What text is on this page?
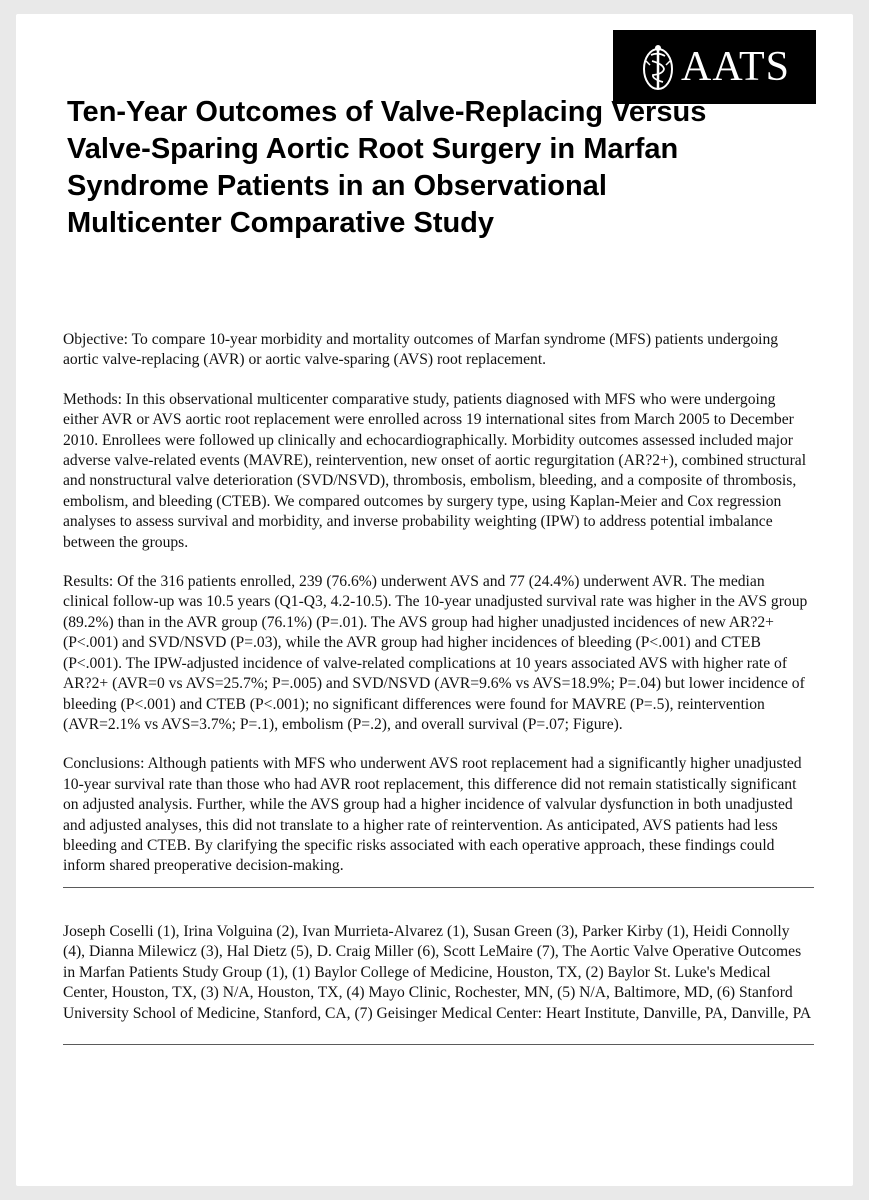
AATS
Ten-Year Outcomes of Valve-Replacing Versus Valve-Sparing Aortic Root Surgery in Marfan Syndrome Patients in an Observational Multicenter Comparative Study

Objective: To compare 10-year morbidity and mortality outcomes of Marfan syndrome (MFS) patients undergoing aortic valve-replacing (AVR) or aortic valve-sparing (AVS) root replacement.

Methods: In this observational multicenter comparative study, patients diagnosed with MFS who were undergoing either AVR or AVS aortic root replacement were enrolled across 19 international sites from March 2005 to December 2010. Enrollees were followed up clinically and echocardiographically. Morbidity outcomes assessed included major adverse valve-related events (MAVRE), reintervention, new onset of aortic regurgitation (AR?2+), combined structural and nonstructural valve deterioration (SVD/NSVD), thrombosis, embolism, bleeding, and a composite of thrombosis, embolism, and bleeding (CTEB). We compared outcomes by surgery type, using Kaplan-Meier and Cox regression analyses to assess survival and morbidity, and inverse probability weighting (IPW) to address potential imbalance between the groups.

Results: Of the 316 patients enrolled, 239 (76.6%) underwent AVS and 77 (24.4%) underwent AVR. The median clinical follow-up was 10.5 years (Q1-Q3, 4.2-10.5). The 10-year unadjusted survival rate was higher in the AVS group (89.2%) than in the AVR group (76.1%) (P=.01). The AVS group had higher unadjusted incidences of new AR?2+ (P<.001) and SVD/NSVD (P=.03), while the AVR group had higher incidences of bleeding (P<.001) and CTEB (P<.001). The IPW-adjusted incidence of valve-related complications at 10 years associated AVS with higher rate of AR?2+ (AVR=0 vs AVS=25.7%; P=.005) and SVD/NSVD (AVR=9.6% vs AVS=18.9%; P=.04) but lower incidence of bleeding (P<.001) and CTEB (P<.001); no significant differences were found for MAVRE (P=.5), reintervention (AVR=2.1% vs AVS=3.7%; P=.1), embolism (P=.2), and overall survival (P=.07; Figure).

Conclusions: Although patients with MFS who underwent AVS root replacement had a significantly higher unadjusted 10-year survival rate than those who had AVR root replacement, this difference did not remain statistically significant on adjusted analysis. Further, while the AVS group had a higher incidence of valvular dysfunction in both unadjusted and adjusted analyses, this did not translate to a higher rate of reintervention. As anticipated, AVS patients had less bleeding and CTEB. By clarifying the specific risks associated with each operative approach, these findings could inform shared preoperative decision-making.

Joseph Coselli (1), Irina Volguina (2), Ivan Murrieta-Alvarez (1), Susan Green (3), Parker Kirby (1), Heidi Connolly (4), Dianna Milewicz (3), Hal Dietz (5), D. Craig Miller (6), Scott LeMaire (7), The Aortic Valve Operative Outcomes in Marfan Patients Study Group (1), (1) Baylor College of Medicine, Houston, TX, (2) Baylor St. Luke's Medical Center, Houston, TX, (3) N/A, Houston, TX, (4) Mayo Clinic, Rochester, MN, (5) N/A, Baltimore, MD, (6) Stanford University School of Medicine, Stanford, CA, (7) Geisinger Medical Center: Heart Institute, Danville, PA, Danville, PA
